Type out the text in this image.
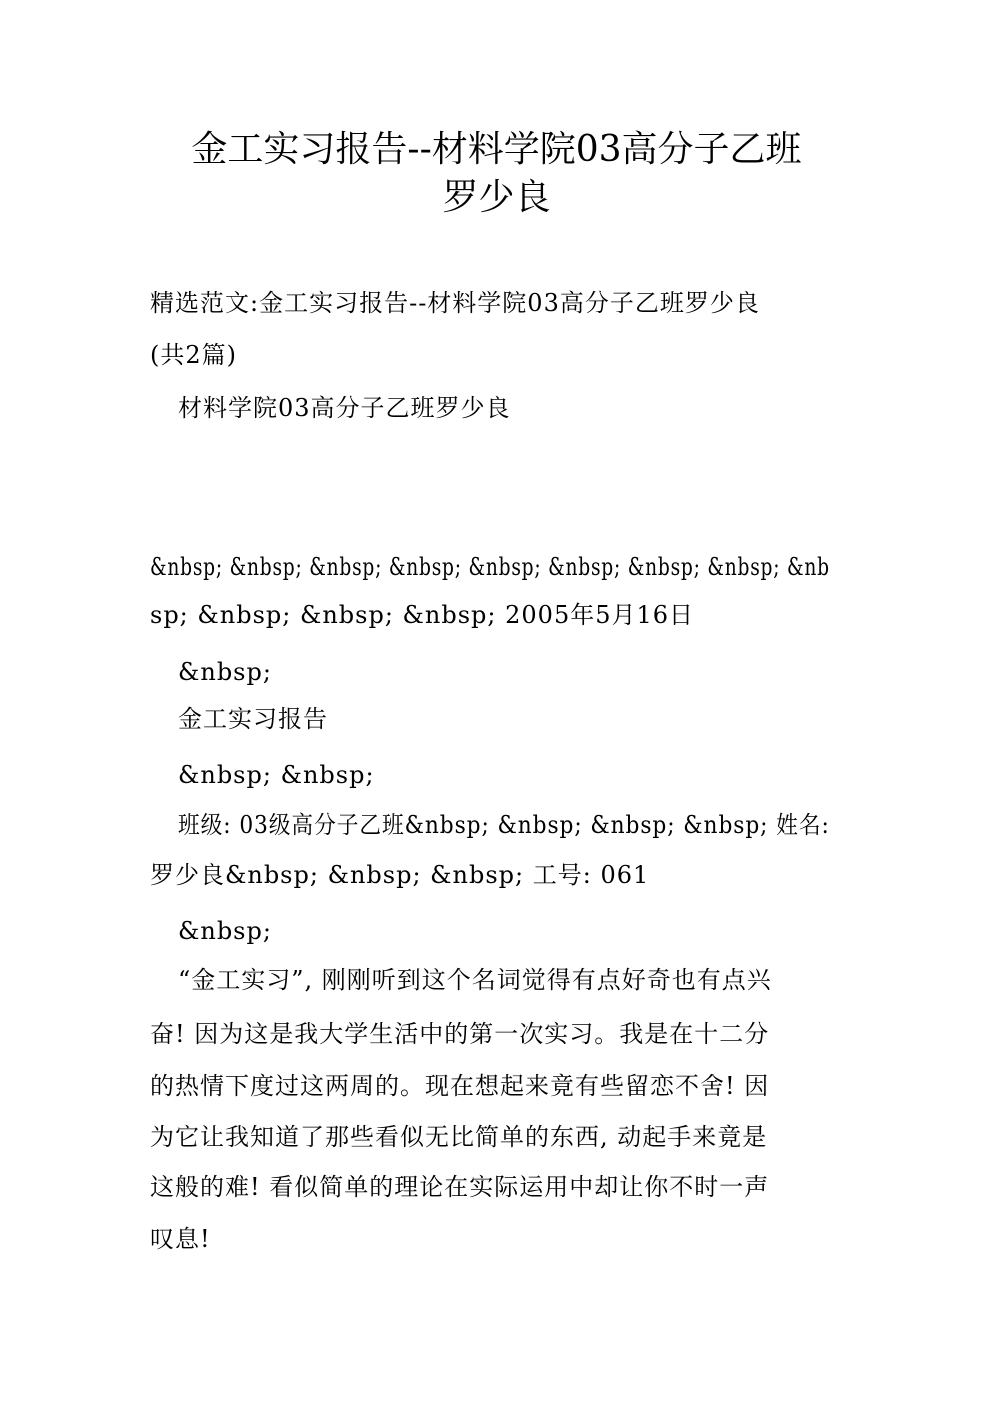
金工实习报告--材料学院03高分子乙班
罗少良
精选范文:金工实习报告--材料学院03高分子乙班罗少良
(共2篇)
材料学院03高分子乙班罗少良
&nbsp; &nbsp; &nbsp; &nbsp; &nbsp; &nbsp; &nbsp; &nbsp; &nb
sp; &nbsp; &nbsp; &nbsp; 2005年5月16日
&nbsp;
金工实习报告
&nbsp; &nbsp;
班级: 03级高分子乙班&nbsp; &nbsp; &nbsp; &nbsp; 姓名:
罗少良&nbsp; &nbsp; &nbsp; 工号: 061
&nbsp;
“金工实习”, 刚刚听到这个名词觉得有点好奇也有点兴
奋! 因为这是我大学生活中的第一次实习。我是在十二分
的热情下度过这两周的。现在想起来竟有些留恋不舍! 因
为它让我知道了那些看似无比简单的东西, 动起手来竟是
这般的难! 看似简单的理论在实际运用中却让你不时一声
叹息!
